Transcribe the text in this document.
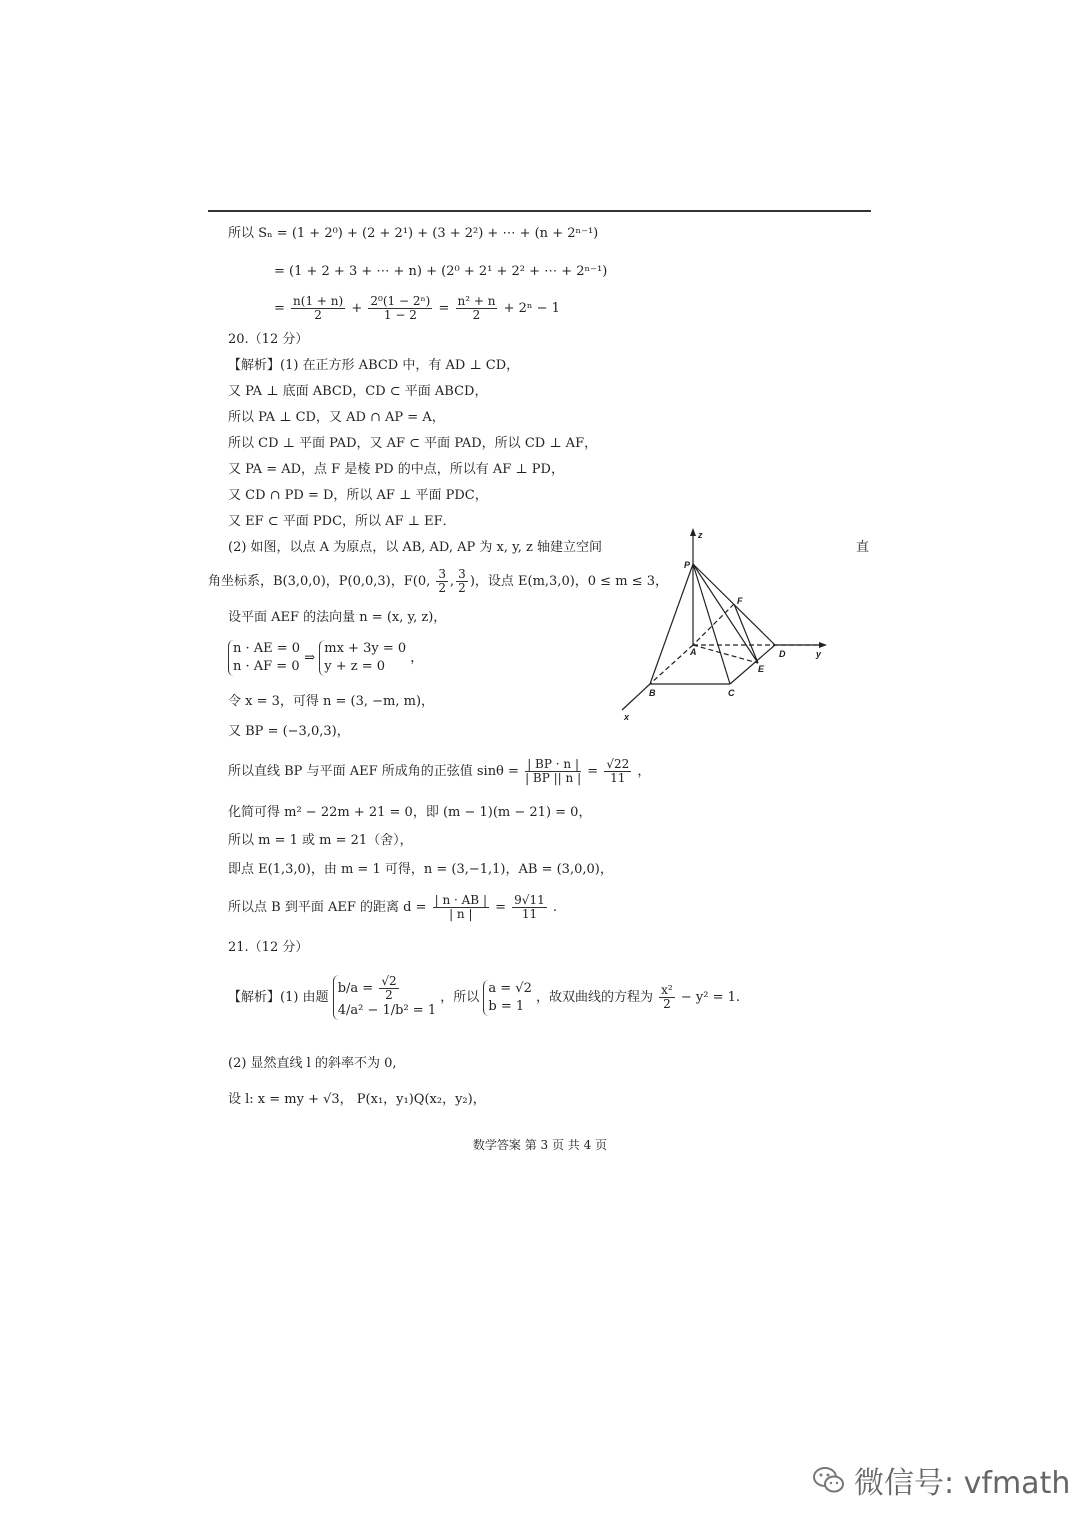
所以 Sₙ = (1 + 2⁰) + (2 + 2¹) + (3 + 2²) + ⋯ + (n + 2ⁿ⁻¹)
= (1 + 2 + 3 + ⋯ + n) + (2⁰ + 2¹ + 2² + ⋯ + 2ⁿ⁻¹)
= $\frac{n(1 + n)}{2} + \frac{\text{2⁰(1 − 2ⁿ)}}{1 - 2} = \frac{\text{n² + n}}{2} + 2^n - 1$
20.（12 分）
【解析】(1) 在正方形 ABCD 中，有 AD ⊥ CD，
又 PA ⊥ 底面 ABCD，CD ⊂ 平面 ABCD，
所以 PA ⊥ CD，又 AD ∩ AP = A，
所以 CD ⊥ 平面 PAD，又 AF ⊂ 平面 PAD，所以 CD ⊥ AF，
又 PA = AD，点 F 是棱 PD 的中点，所以有 AF ⊥ PD，
又 CD ∩ PD = D，所以 AF ⊥ 平面 PDC，
又 EF ⊂ 平面 PDC，所以 AF ⊥ EF．
(2) 如图，以点 A 为原点，以 AB, AD, AP 为 x, y, z 轴建立空间	直
角坐标系，B(3,0,0)，P(0,0,3)，F(0, $\frac{3}{2}$ , $\frac{3}{2}$ )，设点 E(m,3,0)，0 ≤ m ≤ 3，
设平面 AEF 的法向量 n = (x, y, z)，
n · AE = 0
n · AF = 0
⇒
mx + 3y = 0
y + z = 0
，
令 x = 3，可得 n = (3, −m, m)，
又 BP = (−3,0,3)，
所以直线 BP 与平面 AEF 所成角的正弦值 $\sin\theta = \frac{| BP \cdot n |}{| BP || n |} = \frac{√22}{11}$ ，
化简可得 m² − 22m + 21 = 0，即 (m − 1)(m − 21) = 0，
所以 m = 1 或 m = 21（舍），
即点 E(1,3,0)，由 m = 1 可得，n = (3,−1,1)，AB = (3,0,0)，
所以点 B 到平面 AEF 的距离 $d = \frac{| n \cdot AB |}{| n |} = \frac{9√11}{11}$ .
21.（12 分）
【解析】(1) 由题
$b/a = \frac{√2}{2}$
4/a² − 1/b² = 1
，所以
a = √2
b = 1
，故双曲线的方程为 $\frac{\text{x²}}{2} - y^2 = 1$.
(2) 显然直线 l 的斜率不为 0,
设 l: x = my + √3， P(x₁，y₁)Q(x₂，y₂)，
z
P
F
A	D	y
E
B	C
x
数学答案 第 3 页 共 4 页
微信号: vfmath
